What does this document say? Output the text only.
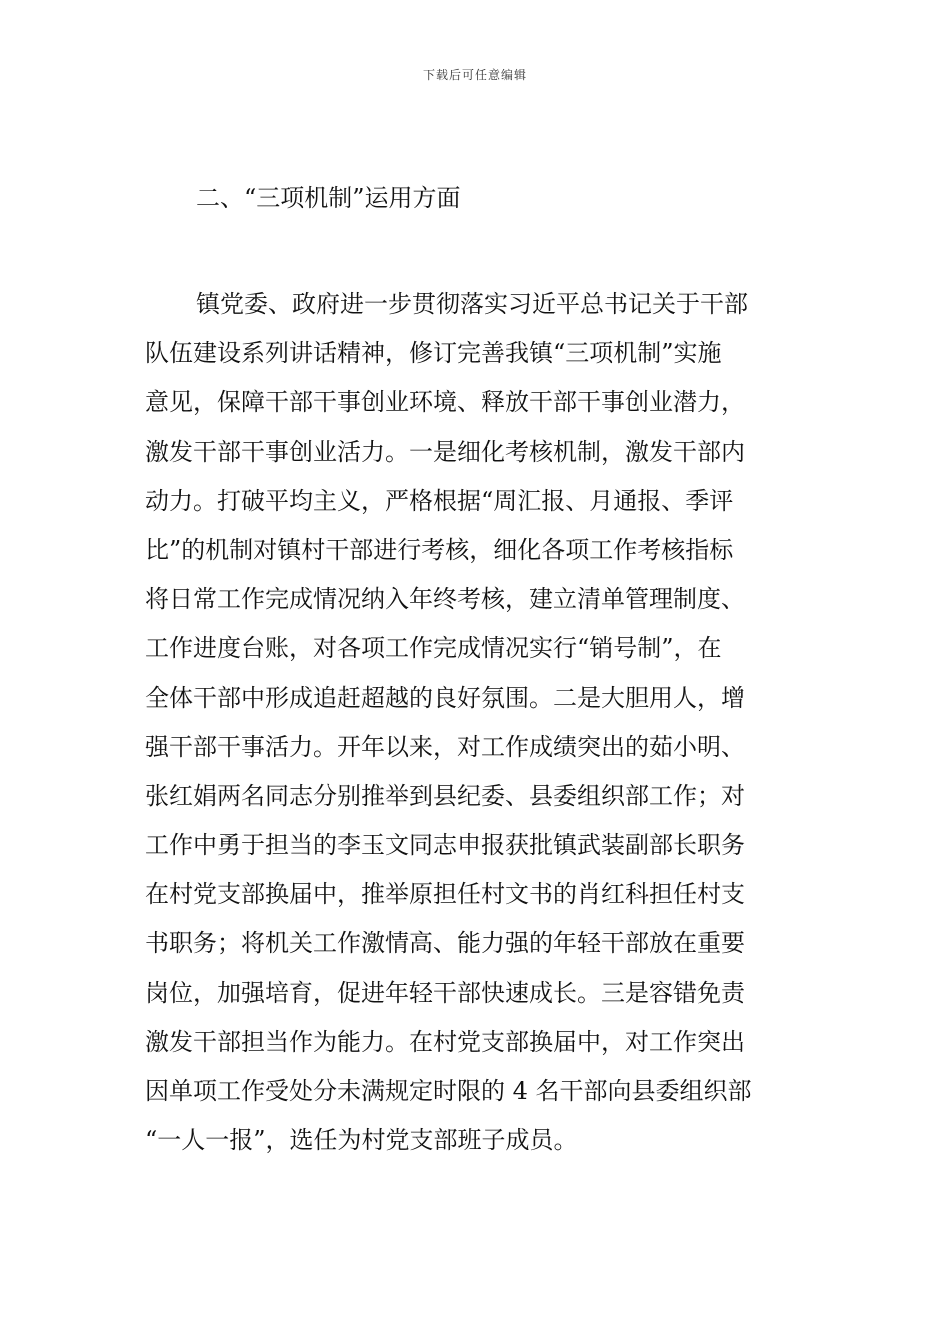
下载后可任意编辑
二、“三项机制”运用方面
镇党委、政府进一步贯彻落实习近平总书记关于干部
队伍建设系列讲话精神，修订完善我镇“三项机制”实施
意见，保障干部干事创业环境、释放干部干事创业潜力，
激发干部干事创业活力。一是细化考核机制，激发干部内
动力。打破平均主义，严格根据“周汇报、月通报、季评
比”的机制对镇村干部进行考核，细化各项工作考核指标
将日常工作完成情况纳入年终考核，建立清单管理制度、
工作进度台账，对各项工作完成情况实行“销号制”，在
全体干部中形成追赶超越的良好氛围。二是大胆用人，增
强干部干事活力。开年以来，对工作成绩突出的茹小明、
张红娟两名同志分别推举到县纪委、县委组织部工作；对
工作中勇于担当的李玉文同志申报获批镇武装副部长职务
在村党支部换届中，推举原担任村文书的肖红科担任村支
书职务；将机关工作激情高、能力强的年轻干部放在重要
岗位，加强培育，促进年轻干部快速成长。三是容错免责
激发干部担当作为能力。在村党支部换届中，对工作突出
因单项工作受处分未满规定时限的 4 名干部向县委组织部
“一人一报”，选任为村党支部班子成员。
